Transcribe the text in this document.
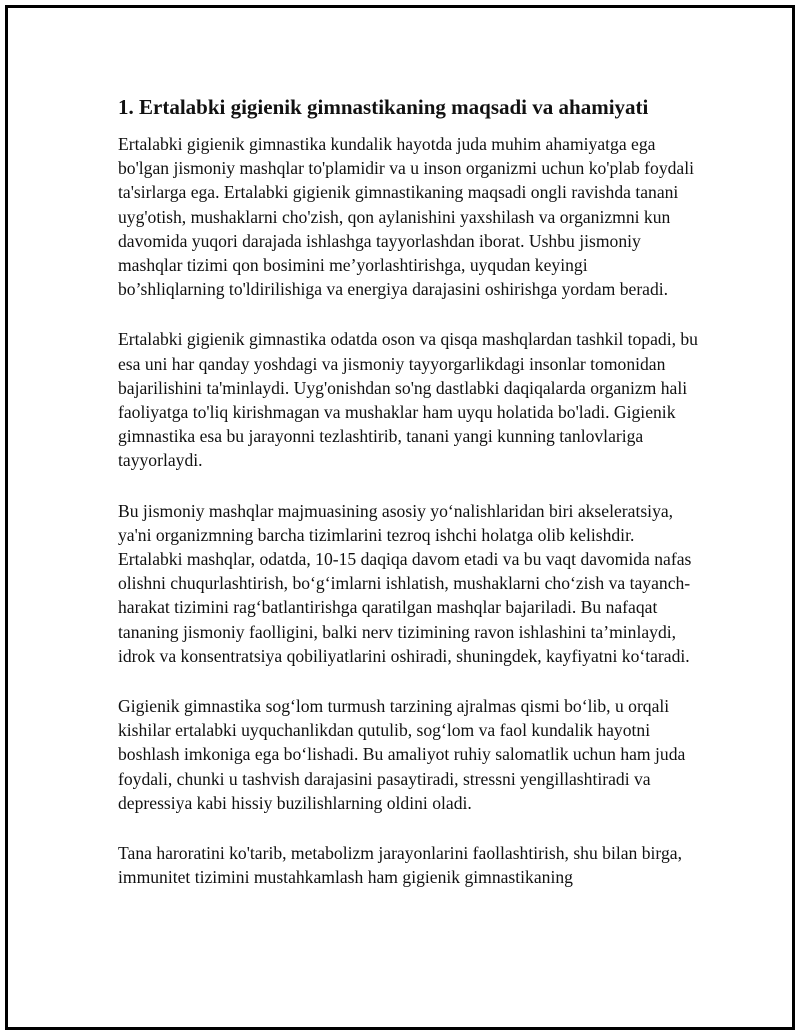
1. Ertalabki gigienik gimnastikaning maqsadi va ahamiyati

Ertalabki gigienik gimnastika kundalik hayotda juda muhim ahamiyatga ega bo'lgan jismoniy mashqlar to'plamidir va u inson organizmi uchun ko'plab foydali ta'sirlarga ega. Ertalabki gigienik gimnastikaning maqsadi ongli ravishda tanani uyg'otish, mushaklarni cho'zish, qon aylanishini yaxshilash va organizmni kun davomida yuqori darajada ishlashga tayyorlashdan iborat. Ushbu jismoniy mashqlar tizimi qon bosimini me’yorlashtirishga, uyqudan keyingi bo’shliqlarning to'ldirilishiga va energiya darajasini oshirishga yordam beradi.

Ertalabki gigienik gimnastika odatda oson va qisqa mashqlardan tashkil topadi, bu esa uni har qanday yoshdagi va jismoniy tayyorgarlikdagi insonlar tomonidan bajarilishini ta'minlaydi. Uyg'onishdan so'ng dastlabki daqiqalarda organizm hali faoliyatga to'liq kirishmagan va mushaklar ham uyqu holatida bo'ladi. Gigienik gimnastika esa bu jarayonni tezlashtirib, tanani yangi kunning tanlovlariga tayyorlaydi.

Bu jismoniy mashqlar majmuasining asosiy yo‘nalishlaridan biri akseleratsiya, ya'ni organizmning barcha tizimlarini tezroq ishchi holatga olib kelishdir. Ertalabki mashqlar, odatda, 10-15 daqiqa davom etadi va bu vaqt davomida nafas olishni chuqurlashtirish, bo‘g‘imlarni ishlatish, mushaklarni cho‘zish va tayanch-harakat tizimini rag‘batlantirishga qaratilgan mashqlar bajariladi. Bu nafaqat tananing jismoniy faolligini, balki nerv tizimining ravon ishlashini ta’minlaydi, idrok va konsentratsiya qobiliyatlarini oshiradi, shuningdek, kayfiyatni ko‘taradi.

Gigienik gimnastika sog‘lom turmush tarzining ajralmas qismi bo‘lib, u orqali kishilar ertalabki uyquchanlikdan qutulib, sog‘lom va faol kundalik hayotni boshlash imkoniga ega bo‘lishadi. Bu amaliyot ruhiy salomatlik uchun ham juda foydali, chunki u tashvish darajasini pasaytiradi, stressni yengillashtiradi va depressiya kabi hissiy buzilishlarning oldini oladi.

Tana haroratini ko'tarib, metabolizm jarayonlarini faollashtirish, shu bilan birga, immunitet tizimini mustahkamlash ham gigienik gimnastikaning
